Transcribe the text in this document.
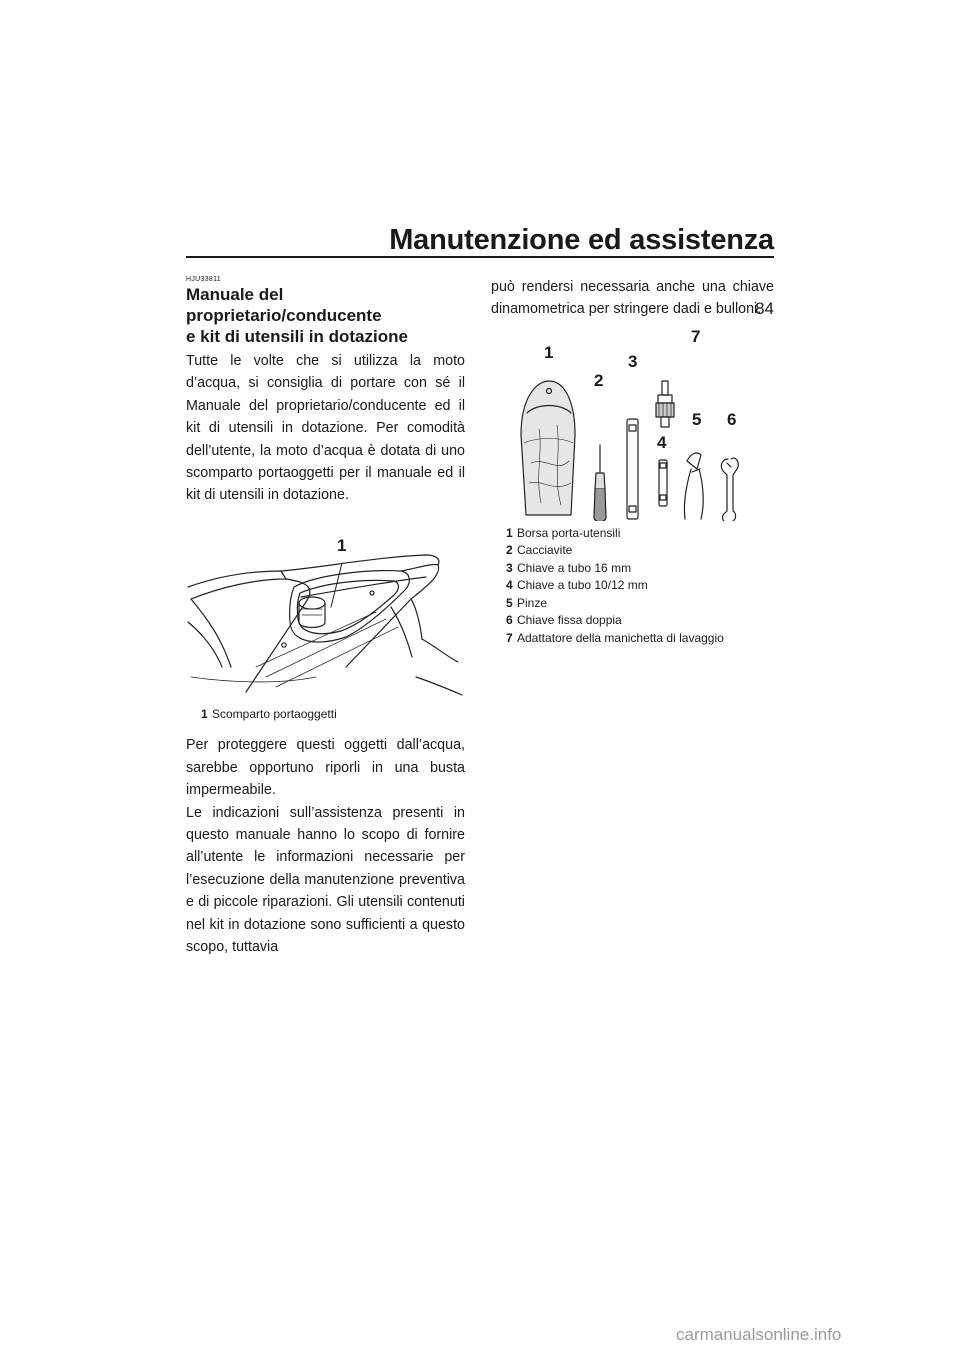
Manutenzione ed assistenza
84

HJU33811

Manuale del proprietario/conducente
e kit di utensili in dotazione

Tutte le volte che si utilizza la moto d’acqua, si consiglia di portare con sé il Manuale del proprietario/conducente ed il kit di utensili in dotazione. Per comodità dell’utente, la moto d’acqua è dotata di uno scomparto portaoggetti per il manuale ed il kit di utensili in dotazione.

1
1 Scomparto portaoggetti

Per proteggere questi oggetti dall’acqua, sarebbe opportuno riporli in una busta impermeabile.

Le indicazioni sull’assistenza presenti in questo manuale hanno lo scopo di fornire all’utente le informazioni necessarie per l’esecuzione della manutenzione preventiva e di piccole riparazioni. Gli utensili contenuti nel kit in dotazione sono sufficienti a questo scopo, tuttavia

può rendersi necessaria anche una chiave dinamometrica per stringere dadi e bulloni.

1
2
3
4
5 6
7
1 Borsa porta-utensili
2 Cacciavite
3 Chiave a tubo 16 mm
4 Chiave a tubo 10/12 mm
5 Pinze
6 Chiave fissa doppia
7 Adattatore della manichetta di lavaggio
carmanualsonline.info
